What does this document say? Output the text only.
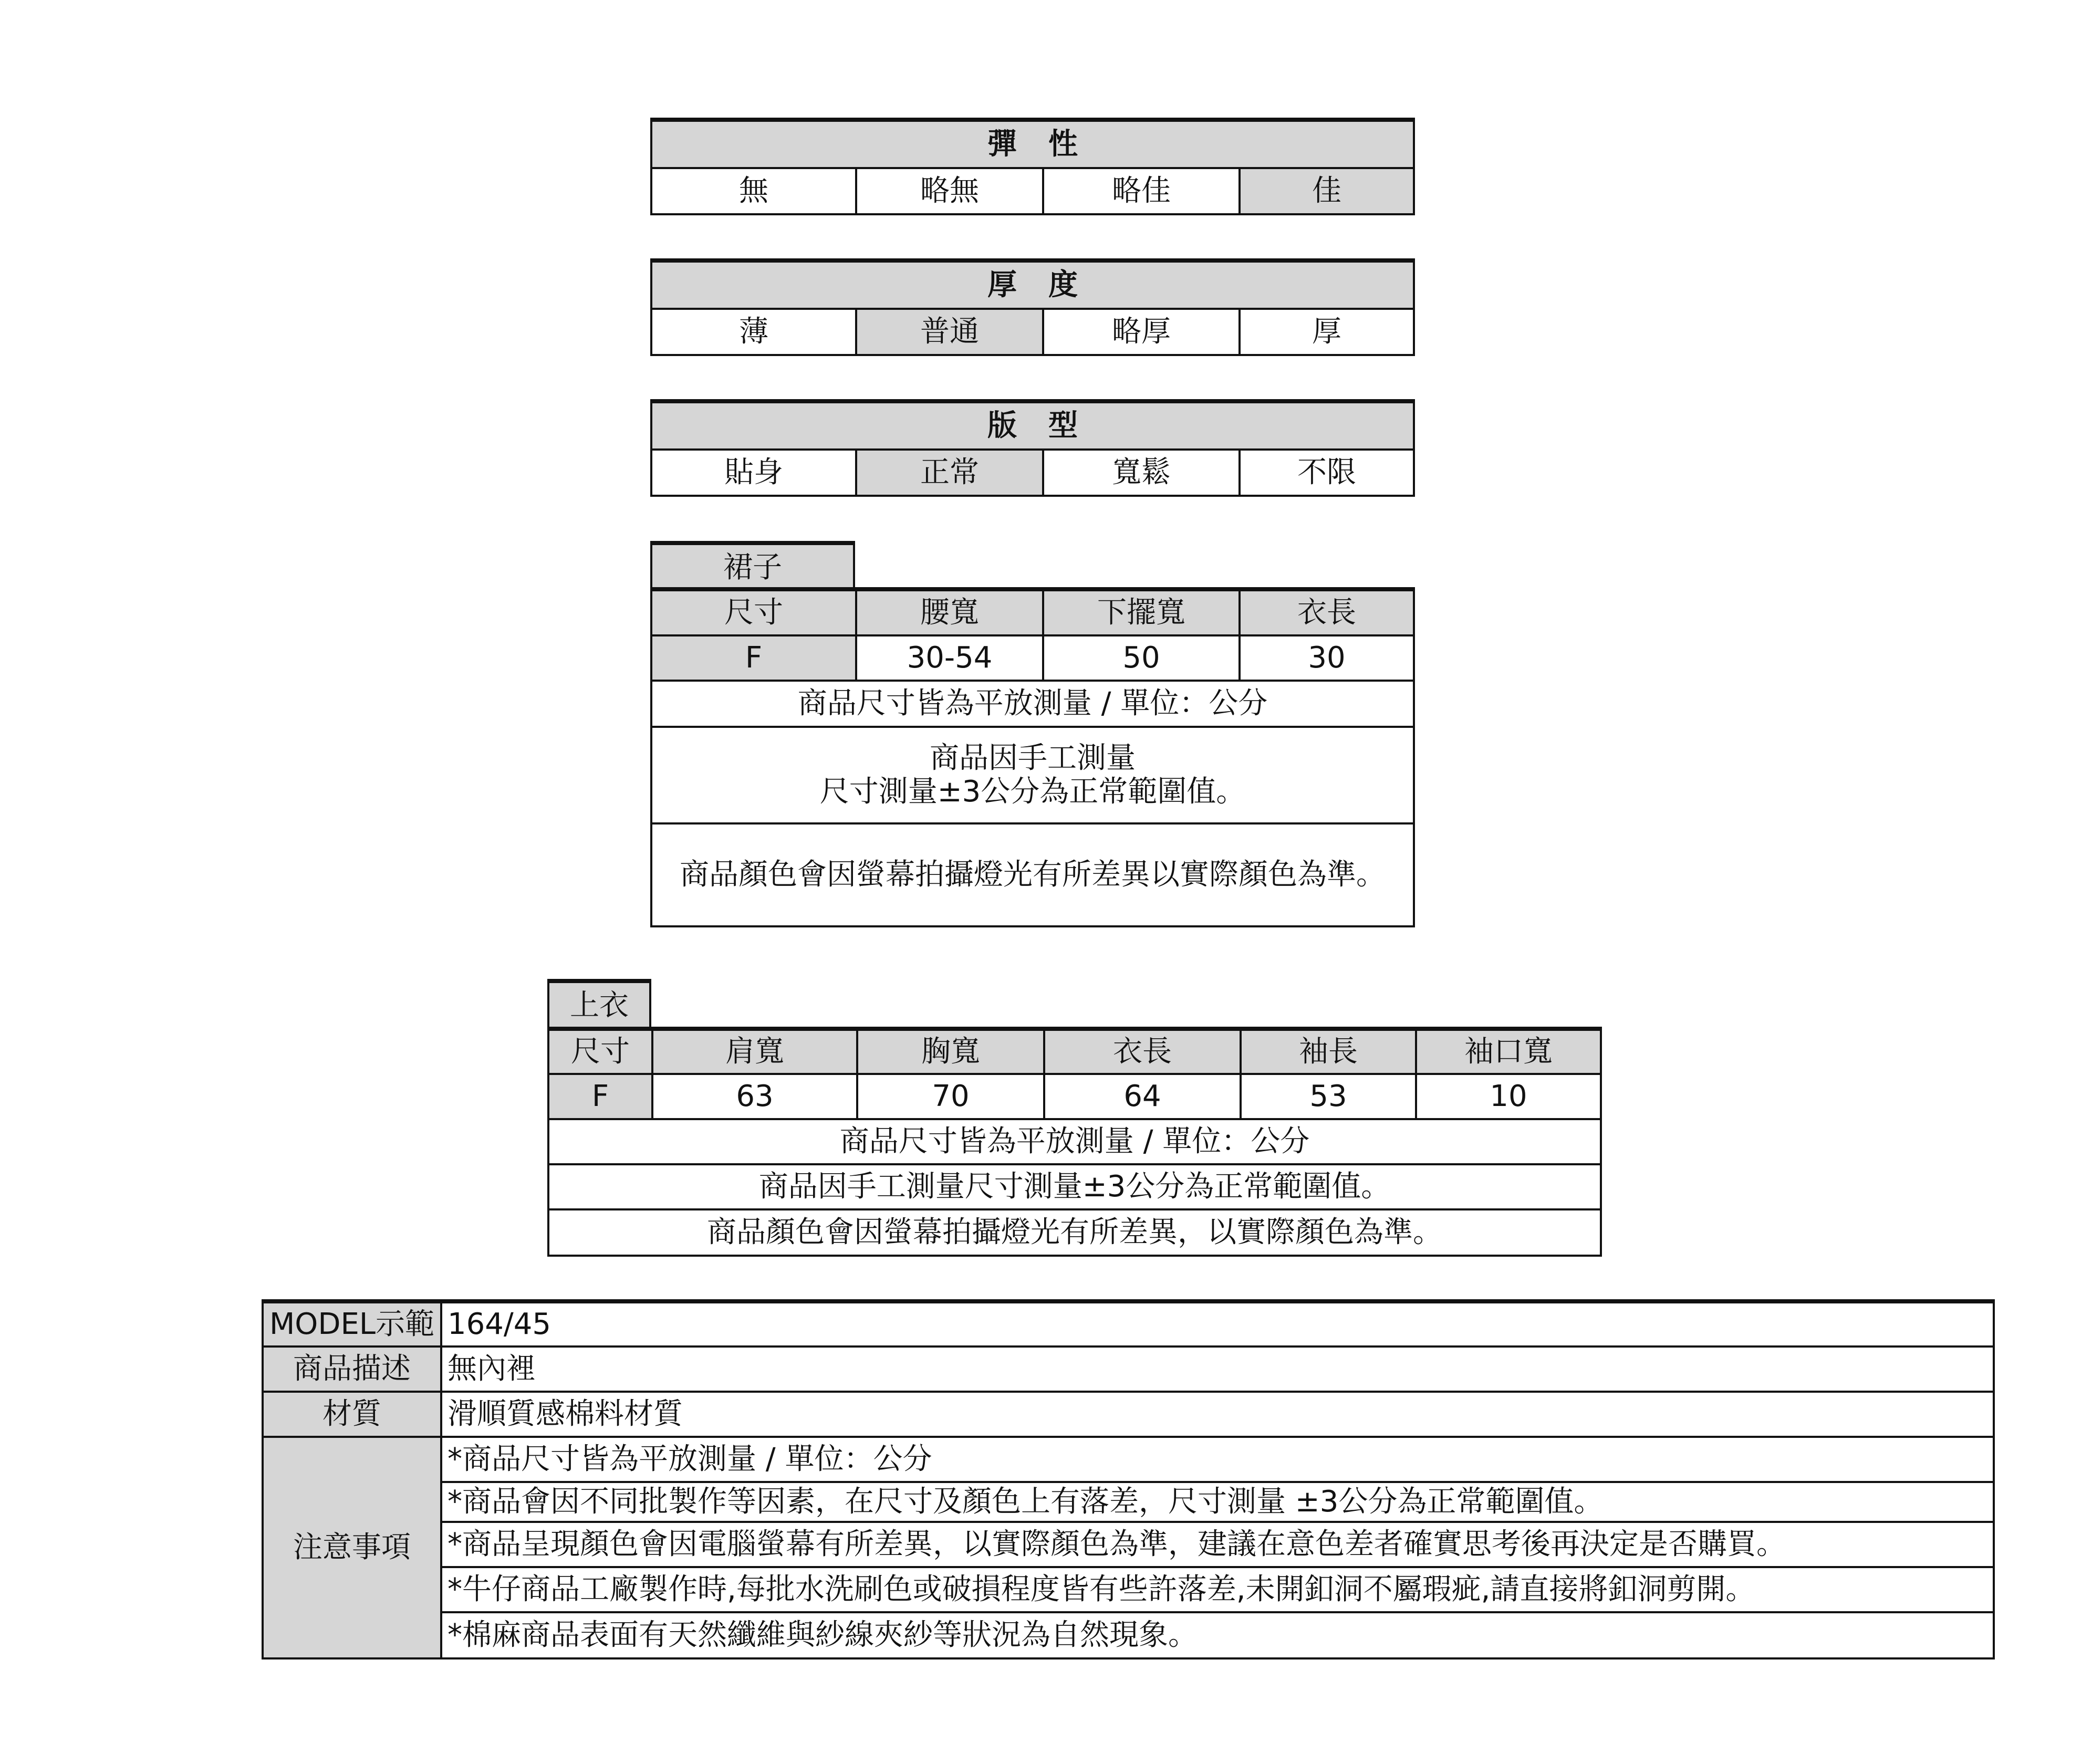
彈性
無	略無	略佳	佳
厚度
薄	普通	略厚	厚
版型
貼身	正常	寬鬆	不限
裙子
尺寸	腰寬	下擺寬	衣長
F	30-54	50	30
商品尺寸皆為平放測量 / 單位：公分			

商品因手工測量
尺寸測量±3公分為正常範圍值。			

商品顏色會因螢幕拍攝燈光有所差異以實際顏色為準。			
上衣
尺寸	肩寬	胸寬	衣長	袖長	袖口寬
F	63	70	64	53	10
商品尺寸皆為平放測量 / 單位：公分					
商品因手工測量尺寸測量±3公分為正常範圍值。					
商品顏色會因螢幕拍攝燈光有所差異，以實際顏色為準。					
MODEL示範	164/45
商品描述	無內裡
材質	滑順質感棉料材質
注意事項	*商品尺寸皆為平放測量 / 單位：公分
	*商品會因不同批製作等因素，在尺寸及顏色上有落差，尺寸測量 ±3公分為正常範圍值。
	*商品呈現顏色會因電腦螢幕有所差異，以實際顏色為準，建議在意色差者確實思考後再決定是否購買。
	*牛仔商品工廠製作時,每批水洗刷色或破損程度皆有些許落差,未開釦洞不屬瑕疵,請直接將釦洞剪開。
	*棉麻商品表面有天然纖維與紗線夾紗等狀況為自然現象。
